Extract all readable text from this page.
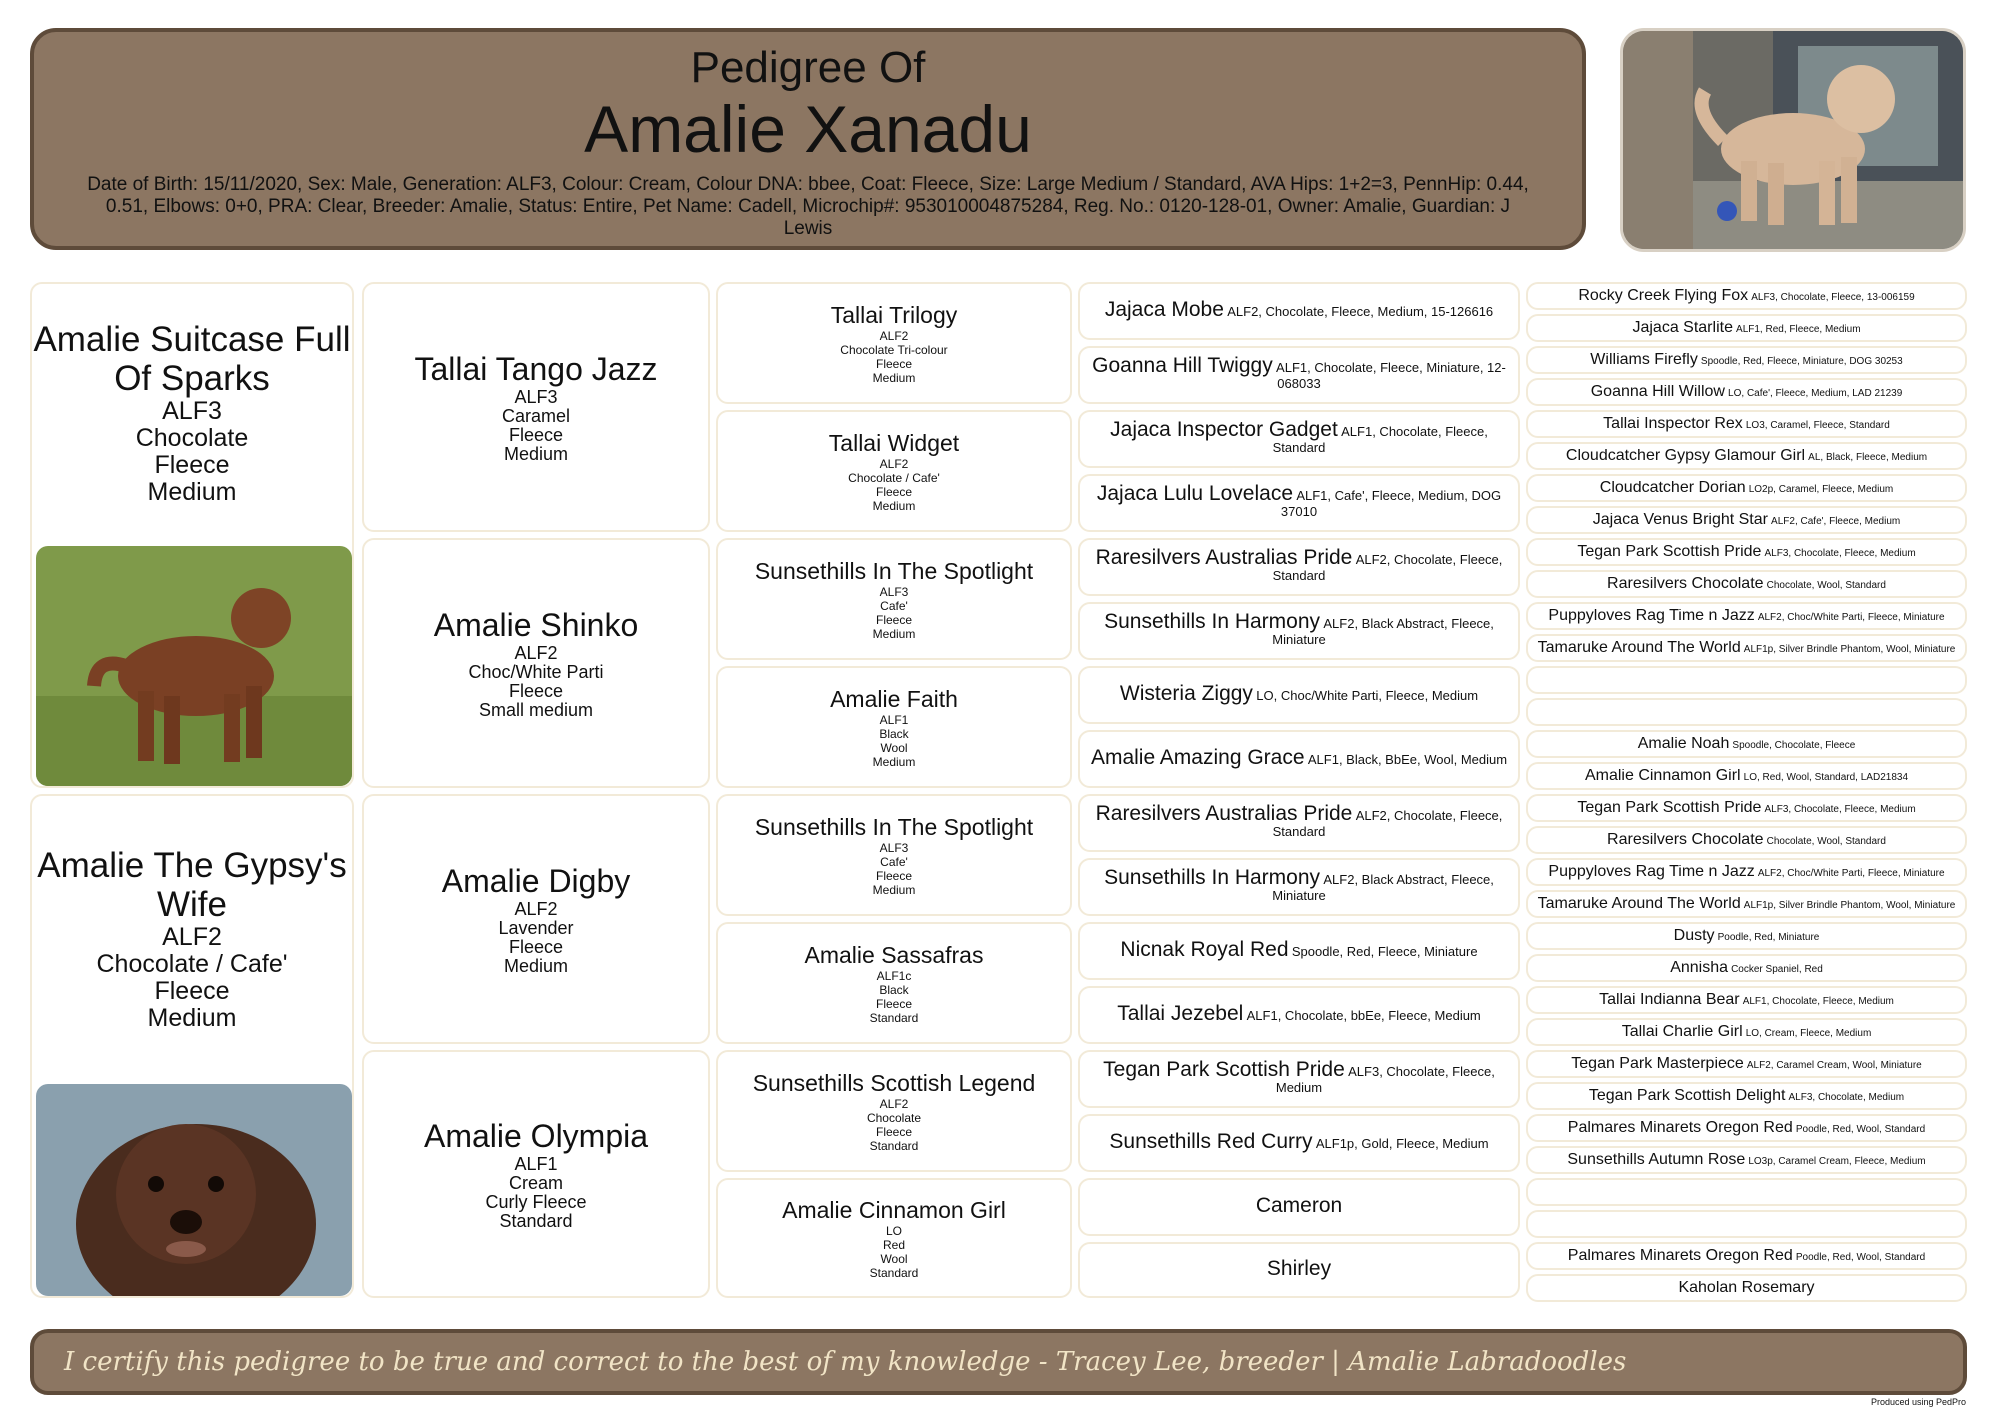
Pedigree Of
Amalie Xanadu
Date of Birth: 15/11/2020, Sex: Male, Generation: ALF3, Colour: Cream, Colour DNA: bbee, Coat: Fleece, Size: Large Medium / Standard, AVA Hips: 1+2=3, PennHip: 0.44, 0.51, Elbows: 0+0, PRA: Clear, Breeder: Amalie, Status: Entire, Pet Name: Cadell, Microchip#: 953010004875284, Reg. No.: 0120-128-01, Owner: Amalie, Guardian: J Lewis
Amalie Suitcase Full Of Sparks
ALF3
Chocolate
Fleece
Medium
Amalie The Gypsy's Wife
ALF2
Chocolate / Cafe'
Fleece
Medium
Tallai Tango Jazz
ALF3
Caramel
Fleece
Medium
Amalie Shinko
ALF2
Choc/White Parti
Fleece
Small medium
Amalie Digby
ALF2
Lavender
Fleece
Medium
Amalie Olympia
ALF1
Cream
Curly Fleece
Standard
Tallai Trilogy
ALF2
Chocolate Tri-colour
Fleece
Medium
Tallai Widget
ALF2
Chocolate / Cafe'
Fleece
Medium
Sunsethills In The Spotlight
ALF3
Cafe'
Fleece
Medium
Amalie Faith
ALF1
Black
Wool
Medium
Sunsethills In The Spotlight
ALF3
Cafe'
Fleece
Medium
Amalie Sassafras
ALF1c
Black
Fleece
Standard
Sunsethills Scottish Legend
ALF2
Chocolate
Fleece
Standard
Amalie Cinnamon Girl
LO
Red
Wool
Standard
Jajaca Mobe ALF2, Chocolate, Fleece, Medium, 15-126616
Goanna Hill Twiggy ALF1, Chocolate, Fleece, Miniature, 12-068033
Jajaca Inspector Gadget ALF1, Chocolate, Fleece, Standard
Jajaca Lulu Lovelace ALF1, Cafe', Fleece, Medium, DOG 37010
Raresilvers Australias Pride ALF2, Chocolate, Fleece, Standard
Sunsethills In Harmony ALF2, Black Abstract, Fleece, Miniature
Wisteria Ziggy LO, Choc/White Parti, Fleece, Medium
Amalie Amazing Grace ALF1, Black, BbEe, Wool, Medium
Raresilvers Australias Pride ALF2, Chocolate, Fleece, Standard
Sunsethills In Harmony ALF2, Black Abstract, Fleece, Miniature
Nicnak Royal Red Spoodle, Red, Fleece, Miniature
Tallai Jezebel ALF1, Chocolate, bbEe, Fleece, Medium
Tegan Park Scottish Pride ALF3, Chocolate, Fleece, Medium
Sunsethills Red Curry ALF1p, Gold, Fleece, Medium
Cameron
Shirley
Rocky Creek Flying Fox ALF3, Chocolate, Fleece, 13-006159
Jajaca Starlite ALF1, Red, Fleece, Medium
Williams Firefly Spoodle, Red, Fleece, Miniature, DOG 30253
Goanna Hill Willow LO, Cafe', Fleece, Medium, LAD 21239
Tallai Inspector Rex LO3, Caramel, Fleece, Standard
Cloudcatcher Gypsy Glamour Girl AL, Black, Fleece, Medium
Cloudcatcher Dorian LO2p, Caramel, Fleece, Medium
Jajaca Venus Bright Star ALF2, Cafe', Fleece, Medium
Tegan Park Scottish Pride ALF3, Chocolate, Fleece, Medium
Raresilvers Chocolate Chocolate, Wool, Standard
Puppyloves Rag Time n Jazz ALF2, Choc/White Parti, Fleece, Miniature
Tamaruke Around The World ALF1p, Silver Brindle Phantom, Wool, Miniature
Amalie Noah Spoodle, Chocolate, Fleece
Amalie Cinnamon Girl LO, Red, Wool, Standard, LAD21834
Tegan Park Scottish Pride ALF3, Chocolate, Fleece, Medium
Raresilvers Chocolate Chocolate, Wool, Standard
Puppyloves Rag Time n Jazz ALF2, Choc/White Parti, Fleece, Miniature
Tamaruke Around The World ALF1p, Silver Brindle Phantom, Wool, Miniature
Dusty Poodle, Red, Miniature
Annisha Cocker Spaniel, Red
Tallai Indianna Bear ALF1, Chocolate, Fleece, Medium
Tallai Charlie Girl LO, Cream, Fleece, Medium
Tegan Park Masterpiece ALF2, Caramel Cream, Wool, Miniature
Tegan Park Scottish Delight ALF3, Chocolate, Medium
Palmares Minarets Oregon Red Poodle, Red, Wool, Standard
Sunsethills Autumn Rose LO3p, Caramel Cream, Fleece, Medium
Palmares Minarets Oregon Red Poodle, Red, Wool, Standard
Kaholan Rosemary
I certify this pedigree to be true and correct to the best of my knowledge - Tracey Lee, breeder | Amalie Labradoodles
Produced using PedPro
